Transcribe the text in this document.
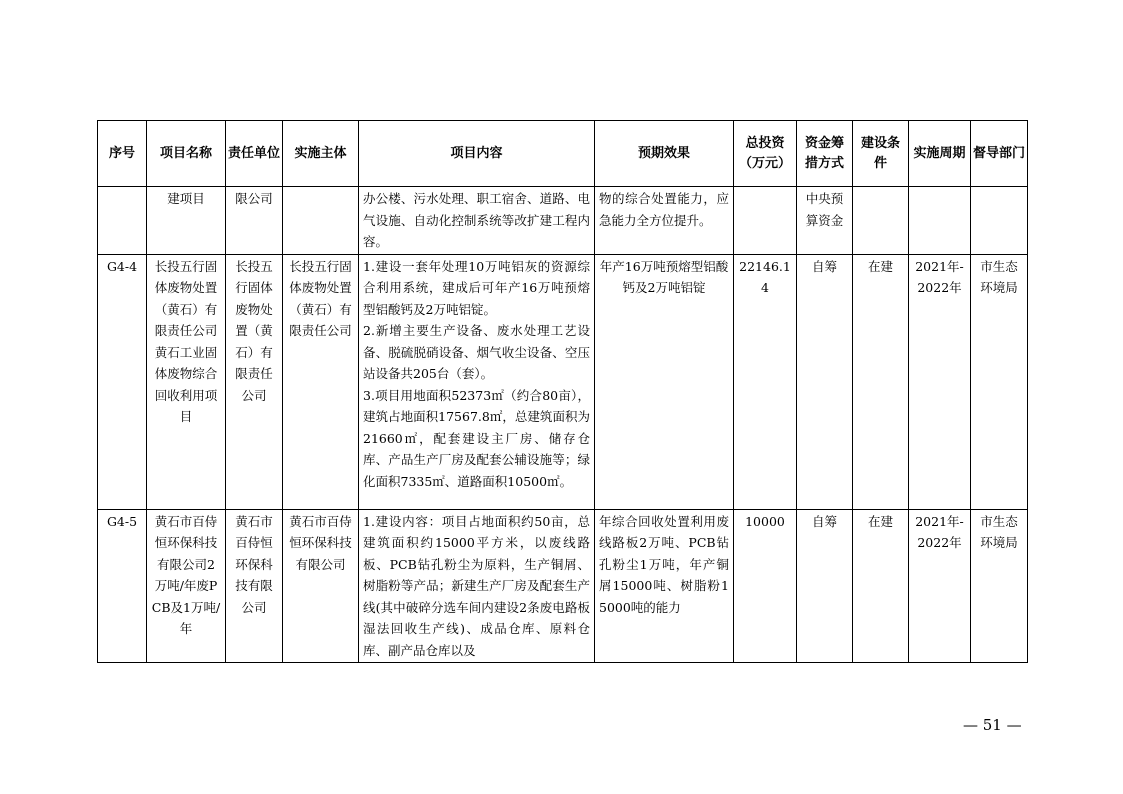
序号	项目名称	责任单位	实施主体	项目内容	预期效果	总投资（万元）	资金筹措方式	建设条件	实施周期	督导部门
	建项目	限公司		办公楼、污水处理、职工宿舍、道路、电气设施、自动化控制系统等改扩建工程内容。	物的综合处置能力，应急能力全方位提升。		中央预算资金			
G4-4	长投五行固体废物处置（黄石）有限责任公司黄石工业固体废物综合回收利用项目	长投五行固体废物处置（黄石）有限责任公司	长投五行固体废物处置（黄石）有限责任公司	1.建设一套年处理10万吨铝灰的资源综合利用系统，建成后可年产16万吨预熔型铝酸钙及2万吨铝锭。
2.新增主要生产设备、废水处理工艺设备、脱硫脱硝设备、烟气收尘设备、空压站设备共205台（套）。
3.项目用地面积52373㎡（约合80亩），建筑占地面积17567.8㎡，总建筑面积为21660㎡，配套建设主厂房、储存仓库、产品生产厂房及配套公辅设施等；绿化面积7335㎡、道路面积10500㎡。	年产16万吨预熔型铝酸钙及2万吨铝锭	22146.14	自筹	在建	2021年-2022年	市生态环境局
G4-5	黄石市百侍恒环保科技有限公司2万吨/年废PCB及1万吨/年	黄石市百侍恒环保科技有限公司	黄石市百侍恒环保科技有限公司	1.建设内容：项目占地面积约50亩，总建筑面积约15000平方米，以废线路板、PCB钻孔粉尘为原料，生产铜屑、树脂粉等产品；新建生产厂房及配套生产线(其中破碎分选车间内建设2条废电路板湿法回收生产线)、成品仓库、原料仓库、副产品仓库以及	年综合回收处置利用废线路板2万吨、PCB钻孔粉尘1万吨，年产铜屑15000吨、树脂粉15000吨的能力	10000	自筹	在建	2021年-2022年	市生态环境局
— 51 —
